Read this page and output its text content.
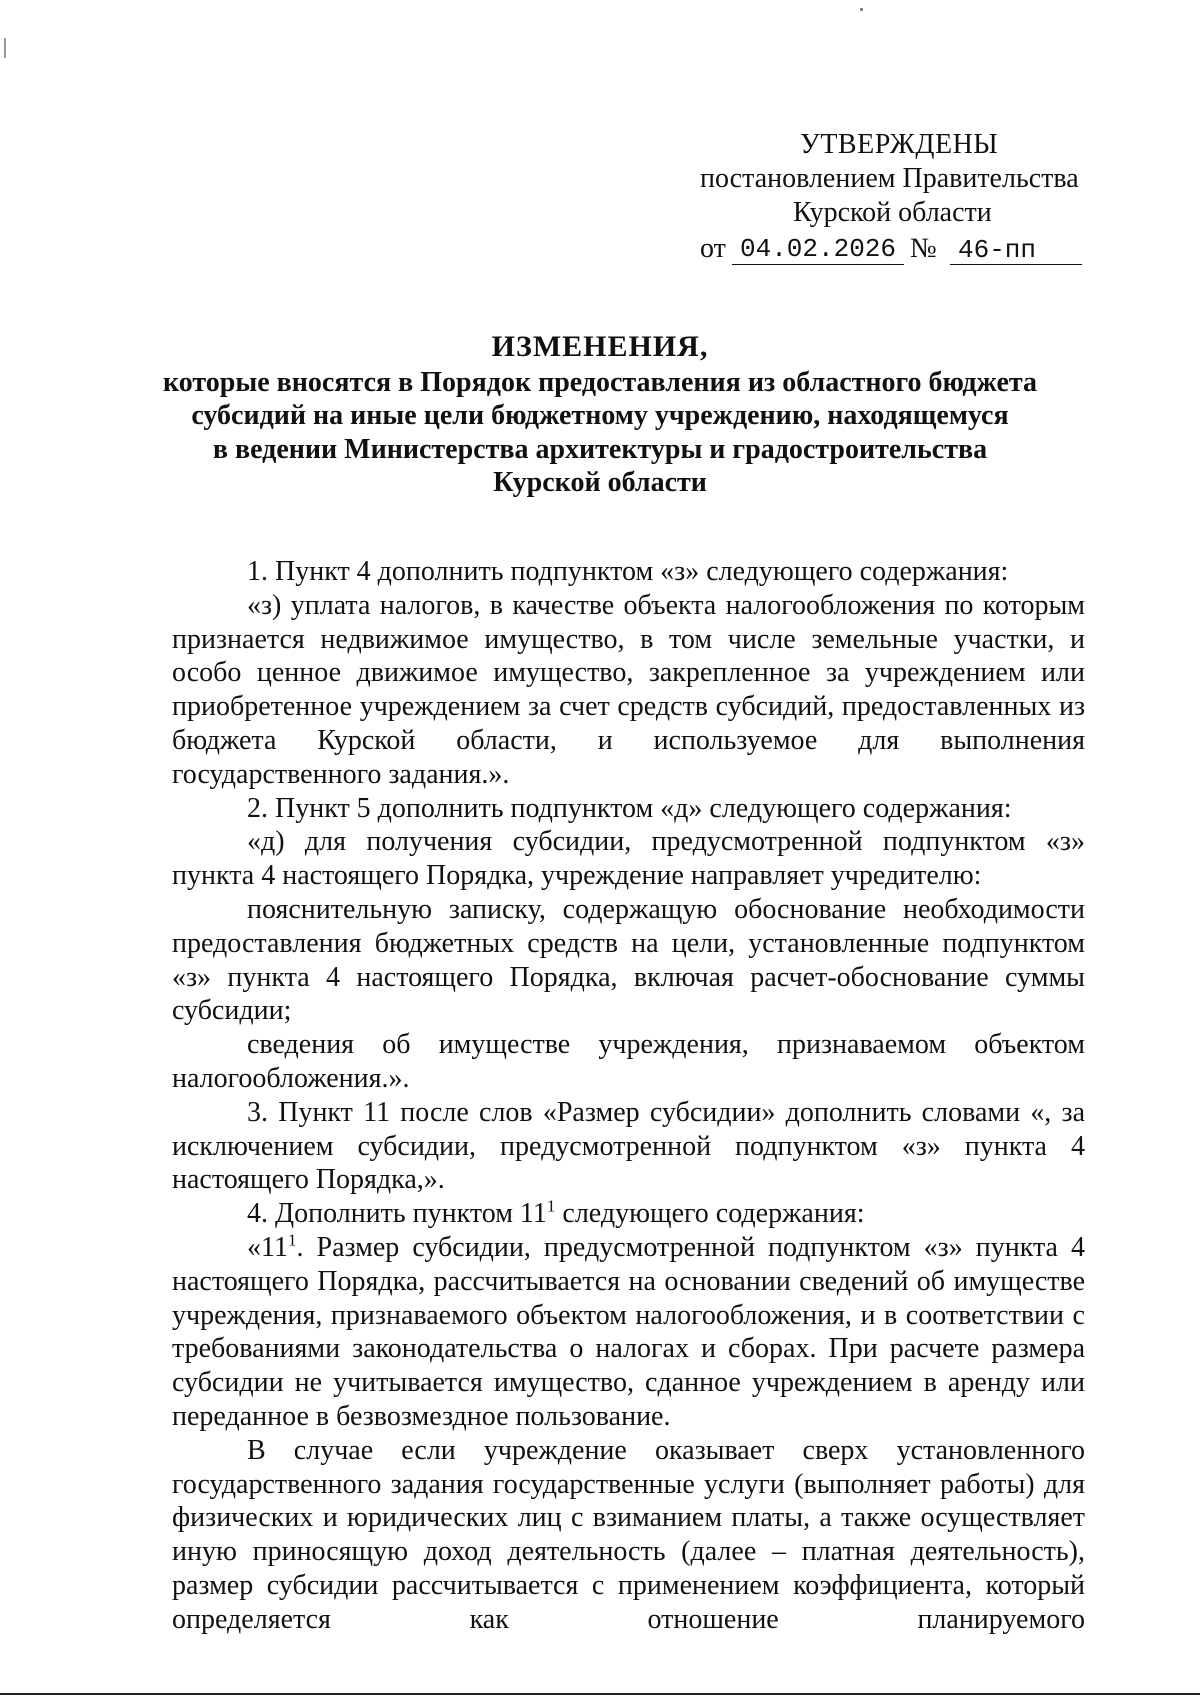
УТВЕРЖДЕНЫ
постановлением Правительства
Курской области
от 04.02.2026 № 46-пп
ИЗМЕНЕНИЯ,
которые вносятся в Порядок предоставления из областного бюджета
субсидий на иные цели бюджетному учреждению, находящемуся
в ведении Министерства архитектуры и градостроительства
Курской области

1. Пункт 4 дополнить подпунктом «з» следующего содержания:

«з) уплата налогов, в качестве объекта налогообложения по которым признается недвижимое имущество, в том числе земельные участки, и особо ценное движимое имущество, закрепленное за учреждением или приобретенное учреждением за счет средств субсидий, предоставленных из бюджета Курской области, и используемое для выполнения государственного задания.».

2. Пункт 5 дополнить подпунктом «д» следующего содержания:

«д) для получения субсидии, предусмотренной подпунктом «з» пункта 4 настоящего Порядка, учреждение направляет учредителю:

пояснительную записку, содержащую обоснование необходимости предоставления бюджетных средств на цели, установленные подпунктом «з» пункта 4 настоящего Порядка, включая расчет-обоснование суммы субсидии;

сведения об имуществе учреждения, признаваемом объектом налогообложения.».

3. Пункт 11 после слов «Размер субсидии» дополнить словами «, за исключением субсидии, предусмотренной подпунктом «з» пункта 4 настоящего Порядка,».

4. Дополнить пунктом $11^1$ следующего содержания:

«$11^1$. Размер субсидии, предусмотренной подпунктом «з» пункта 4 настоящего Порядка, рассчитывается на основании сведений об имуществе учреждения, признаваемого объектом налогообложения, и в соответствии с требованиями законодательства о налогах и сборах. При расчете размера субсидии не учитывается имущество, сданное учреждением в аренду или переданное в безвозмездное пользование.

В случае если учреждение оказывает сверх установленного государственного задания государственные услуги (выполняет работы) для физических и юридических лиц с взиманием платы, а также осуществляет иную приносящую доход деятельность (далее – платная деятельность), размер субсидии рассчитывается с применением коэффициента, который определяется как отношение планируемого
